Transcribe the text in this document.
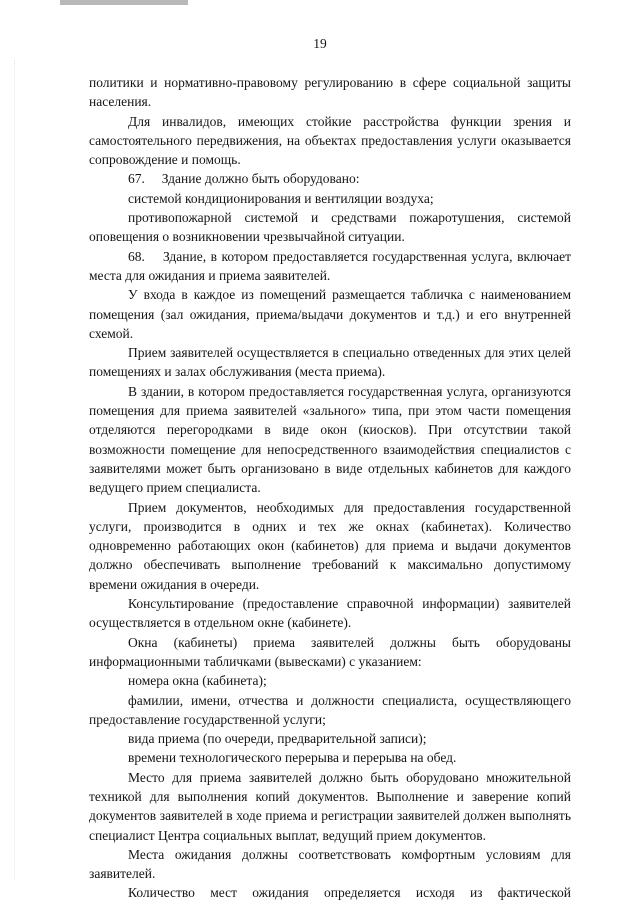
19

политики и нормативно-правовому регулированию в сфере социальной защиты населения.

Для инвалидов, имеющих стойкие расстройства функции зрения и самостоятельного передвижения, на объектах предоставления услуги оказывается сопровождение и помощь.

67.     Здание должно быть оборудовано:

системой кондиционирования и вентиляции воздуха;

противопожарной системой и средствами пожаротушения, системой оповещения о возникновении чрезвычайной ситуации.

68.    Здание, в котором предоставляется государственная услуга, включает места для ожидания и приема заявителей.

У входа в каждое из помещений размещается табличка с наименованием помещения (зал ожидания, приема/выдачи документов и т.д.) и его внутренней схемой.

Прием заявителей осуществляется в специально отведенных для этих целей помещениях и залах обслуживания (места приема).

В здании, в котором предоставляется государственная услуга, организуются помещения для приема заявителей «зального» типа, при этом части помещения отделяются перегородками в виде окон (киосков). При отсутствии такой возможности помещение для непосредственного взаимодействия специалистов с заявителями может быть организовано в виде отдельных кабинетов для каждого ведущего прием специалиста.

Прием документов, необходимых для предоставления государственной услуги, производится в одних и тех же окнах (кабинетах). Количество одновременно работающих окон (кабинетов) для приема и выдачи документов должно обеспечивать выполнение требований к максимально допустимому времени ожидания в очереди.

Консультирование (предоставление справочной информации) заявителей осуществляется в отдельном окне (кабинете).

Окна (кабинеты) приема заявителей должны быть оборудованы информационными табличками (вывесками) с указанием:

номера окна (кабинета);

фамилии, имени, отчества и должности специалиста, осуществляющего предоставление государственной услуги;

вида приема (по очереди, предварительной записи);

времени технологического перерыва и перерыва на обед.

Место для приема заявителей должно быть оборудовано множительной техникой для выполнения копий документов. Выполнение и заверение копий документов заявителей в ходе приема и регистрации заявителей должен выполнять специалист Центра социальных выплат, ведущий прием документов.

Места ожидания должны соответствовать комфортным условиям для заявителей.

Количество мест ожидания определяется исходя из фактической
